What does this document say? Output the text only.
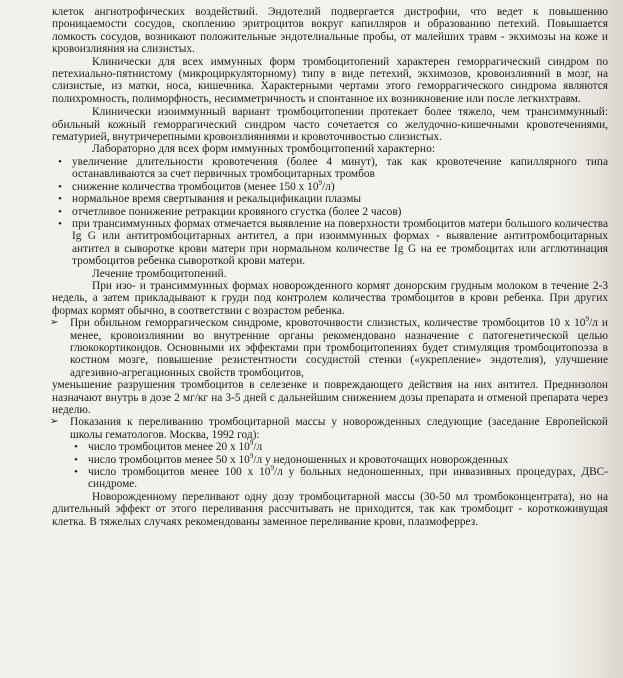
клеток ангиотрофических воздействий. Эндотелий подвергается дистрофии, что ведет к повышению проницаемости сосудов, скоплению эритроцитов вокруг капилляров и образованию петехий. Повышается ломкость сосудов, возникают положительные эндотелиальные пробы, от малейших травм - экхимозы на коже и кровоизлияния на слизистых.

Клинически для всех иммунных форм тромбоцитопений характерен геморрагический синдром по петехиально-пятнистому (микроциркуляторному) типу в виде петехий, экхимозов, кровоизлияний в мозг, на слизистые, из матки, носа, кишечника. Характерными чертами этого геморрагического синдрома являются полихромность, полиморфность, несимметричность и спонтанное их возникновение или после легкихтравм.

Клинически изоиммунный вариант тромбоцитопении протекает более тяжело, чем трансиммунный: обильный кожный геморрагический синдром часто сочетается со желудочно-кишечными кровотечениями, гематурией, внутричерепными кровоизлияниями и кровоточивостью слизистых.

Лабораторно для всех форм иммунных тромбоцитопений характерно:

• увеличение длительности кровотечения (более 4 минут), так как кровотечение капиллярного типа останавливаются за счет первичных тромбоцитарных тромбов
• снижение количества тромбоцитов (менее 150 х $10^9/л$)
• нормальное время свертывания и рекальцификации плазмы
• отчетливое понижение ретракции кровяного сгустка (более 2 часов)
• при трансиммунных формах отмечается выявление на поверхности тромбоцитов матери большого количества Ig G или антитромбоцитарных антител, а при изоиммунных формах - выявление антитромбоцитарных антител в сыворотке крови матери при нормальном количестве Ig G на ее тромбоцитах или агглютинация тромбоцитов ребенка сывороткой крови матери.

Лечение тромбоцитопений.

При изо- и трансиммунных формах новорожденного кормят донорским грудным молоком в течение 2-3 недель, а затем прикладывают к груди под контролем количества тромбоцитов в крови ребенка. При других формах кормят обычно, в соответствии с возрастом ребенка.

➢ При обильном геморрагическом синдроме, кровоточивости слизистых, количестве тромбоцитов 10 х $10^9/л$ и менее, кровоизлиянии во внутренние органы рекомендовано назначение с патогенетической целью глюкокортикоидов. Основными их эффектами при тромбоцитопениях будет стимуляция тромбоцитопоэза в костном мозге, повышение резистентности сосудистой стенки («укрепление» эндотелия), улучшение адгезивно-агрегационных свойств тромбоцитов,

уменьшение разрушения тромбоцитов в селезенке и повреждающего действия на них антител. Преднизолон назначают внутрь в дозе 2 мг/кг на 3-5 дней с дальнейшим снижением дозы препарата и отменой препарата через неделю.

➢ Показания к переливанию тромбоцитарной массы у новорожденных следующие (заседание Европейской школы гематологов. Москва, 1992 год):
• число тромбоцитов менее 20 х $10^9/л$
• число тромбоцитов менее 50 х $10^9/л$ у недоношенных и кровоточащих новорожденных
• число тромбоцитов менее 100 х $10^9/л$ у больных недоношенных, при инвазивных процедурах, ДВС-синдроме.

Новорожденному переливают одну дозу тромбоцитарной массы (30-50 мл тромбоконцентрата), но на длительный эффект от этого переливания рассчитывать не приходится, так как тромбоцит - короткоживущая клетка. В тяжелых случаях рекомендованы заменное переливание крови, плазмоферрез.
